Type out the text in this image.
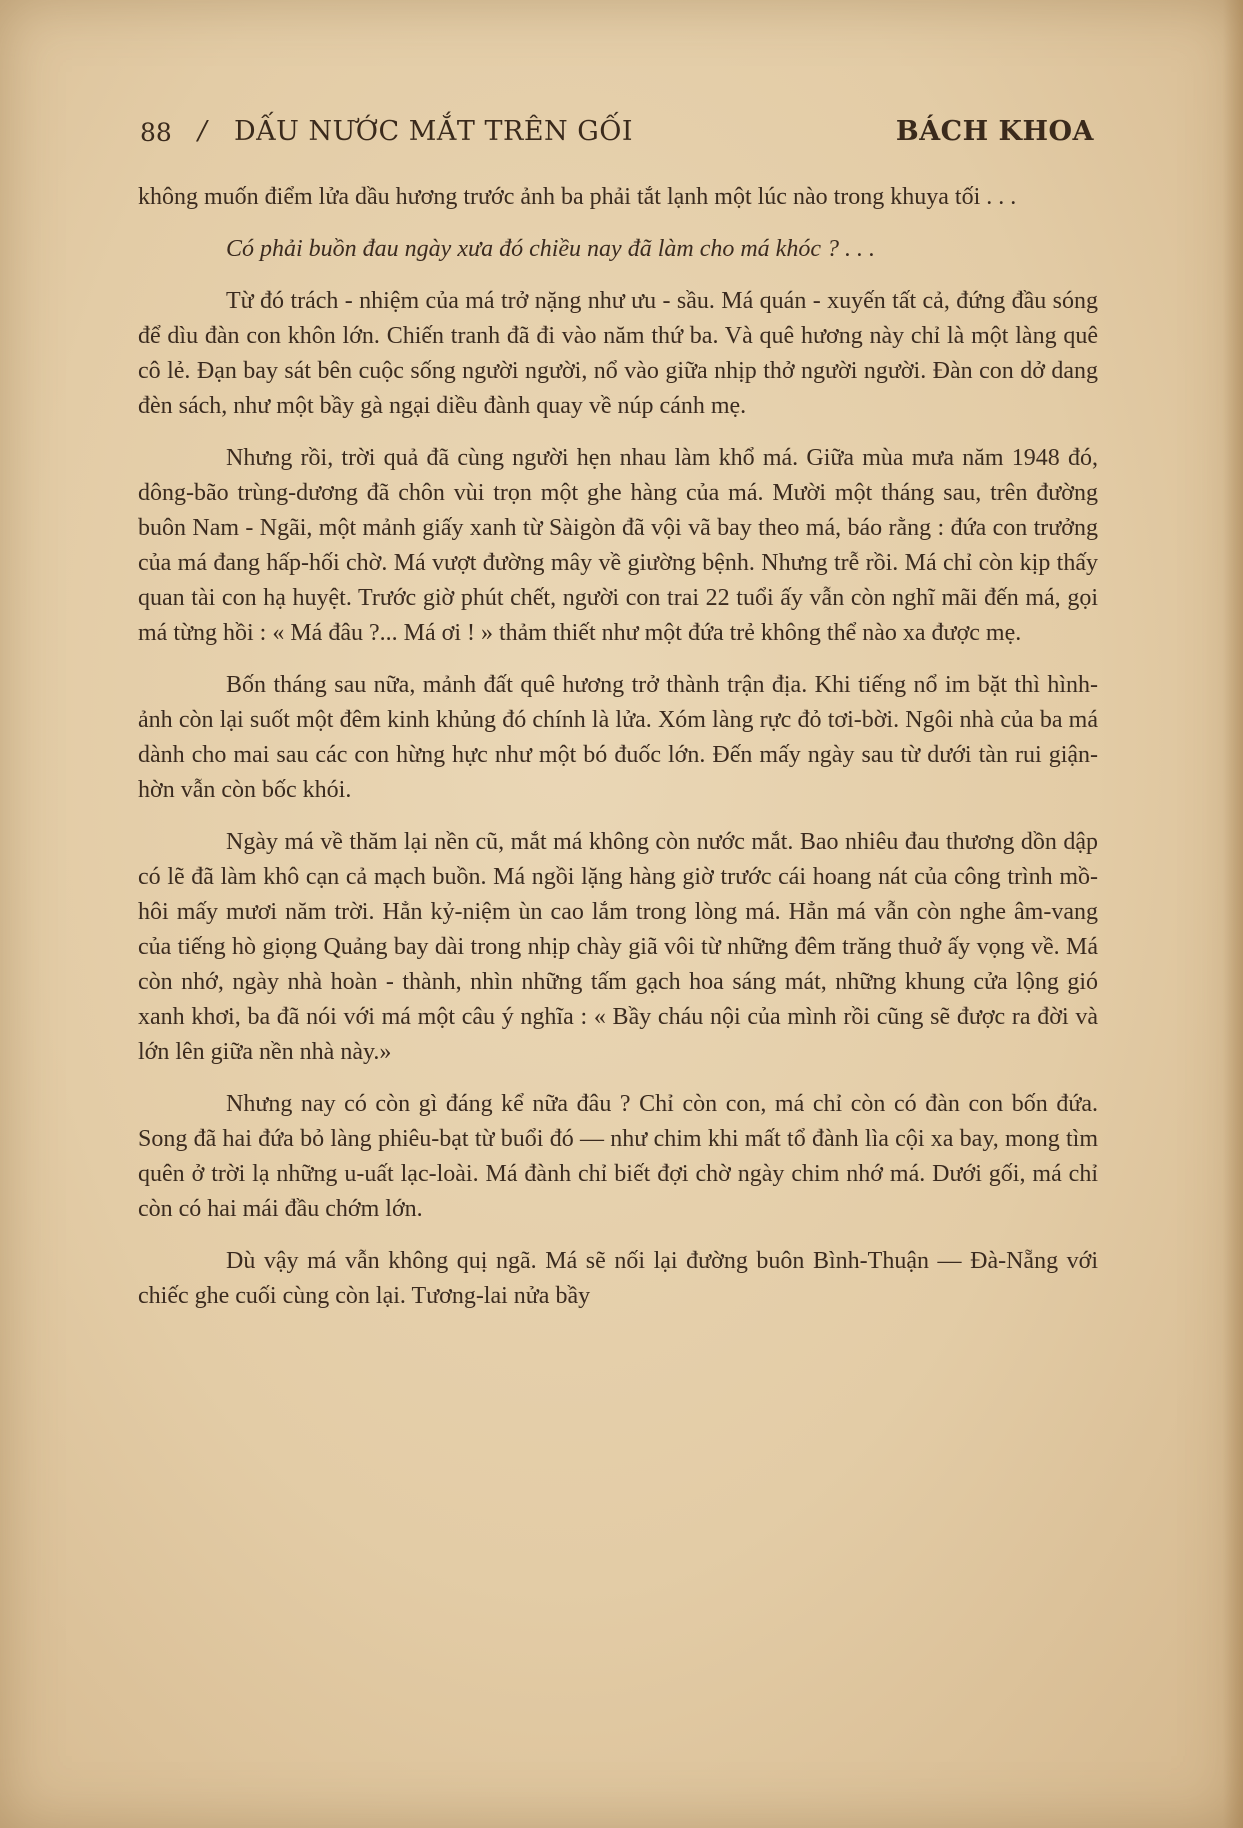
88 / DẤU NƯỚC MẮT TRÊN GỐI	BÁCH KHOA

không muốn điểm lửa dầu hương trước ảnh ba phải tắt lạnh một lúc nào trong khuya tối . . .

Có phải buồn đau ngày xưa đó chiều nay đã làm cho má khóc ? . . .

Từ đó trách - nhiệm của má trở nặng như ưu - sầu. Má quán - xuyến tất cả, đứng đầu sóng để dìu đàn con khôn lớn. Chiến tranh đã đi vào năm thứ ba. Và quê hương này chỉ là một làng quê cô lẻ. Đạn bay sát bên cuộc sống người người, nổ vào giữa nhịp thở người người. Đàn con dở dang đèn sách, như một bầy gà ngại diều đành quay về núp cánh mẹ.

Nhưng rồi, trời quả đã cùng người hẹn nhau làm khổ má. Giữa mùa mưa năm 1948 đó, dông-bão trùng-dương đã chôn vùi trọn một ghe hàng của má. Mười một tháng sau, trên đường buôn Nam - Ngãi, một mảnh giấy xanh từ Sàigòn đã vội vã bay theo má, báo rằng : đứa con trưởng của má đang hấp-hối chờ. Má vượt đường mây về giường bệnh. Nhưng trễ rồi. Má chỉ còn kịp thấy quan tài con hạ huyệt. Trước giờ phút chết, người con trai 22 tuổi ấy vẫn còn nghĩ mãi đến má, gọi má từng hồi : « Má đâu ?... Má ơi ! » thảm thiết như một đứa trẻ không thể nào xa được mẹ.

Bốn tháng sau nữa, mảnh đất quê hương trở thành trận địa. Khi tiếng nổ im bặt thì hình-ảnh còn lại suốt một đêm kinh khủng đó chính là lửa. Xóm làng rực đỏ tơi-bời. Ngôi nhà của ba má dành cho mai sau các con hừng hực như một bó đuốc lớn. Đến mấy ngày sau từ dưới tàn rui giận-hờn vẫn còn bốc khói.

Ngày má về thăm lại nền cũ, mắt má không còn nước mắt. Bao nhiêu đau thương dồn dập có lẽ đã làm khô cạn cả mạch buồn. Má ngồi lặng hàng giờ trước cái hoang nát của công trình mồ-hôi mấy mươi năm trời. Hẳn kỷ-niệm ùn cao lắm trong lòng má. Hẳn má vẫn còn nghe âm-vang của tiếng hò giọng Quảng bay dài trong nhịp chày giã vôi từ những đêm trăng thuở ấy vọng về. Má còn nhớ, ngày nhà hoàn - thành, nhìn những tấm gạch hoa sáng mát, những khung cửa lộng gió xanh khơi, ba đã nói với má một câu ý nghĩa : « Bầy cháu nội của mình rồi cũng sẽ được ra đời và lớn lên giữa nền nhà này.»

Nhưng nay có còn gì đáng kể nữa đâu ? Chỉ còn con, má chỉ còn có đàn con bốn đứa. Song đã hai đứa bỏ làng phiêu-bạt từ buổi đó — như chim khi mất tổ đành lìa cội xa bay, mong tìm quên ở trời lạ những u-uất lạc-loài. Má đành chỉ biết đợi chờ ngày chim nhớ má. Dưới gối, má chỉ còn có hai mái đầu chớm lớn.

Dù vậy má vẫn không quị ngã. Má sẽ nối lại đường buôn Bình-Thuận — Đà-Nẵng với chiếc ghe cuối cùng còn lại. Tương-lai nửa bầy
